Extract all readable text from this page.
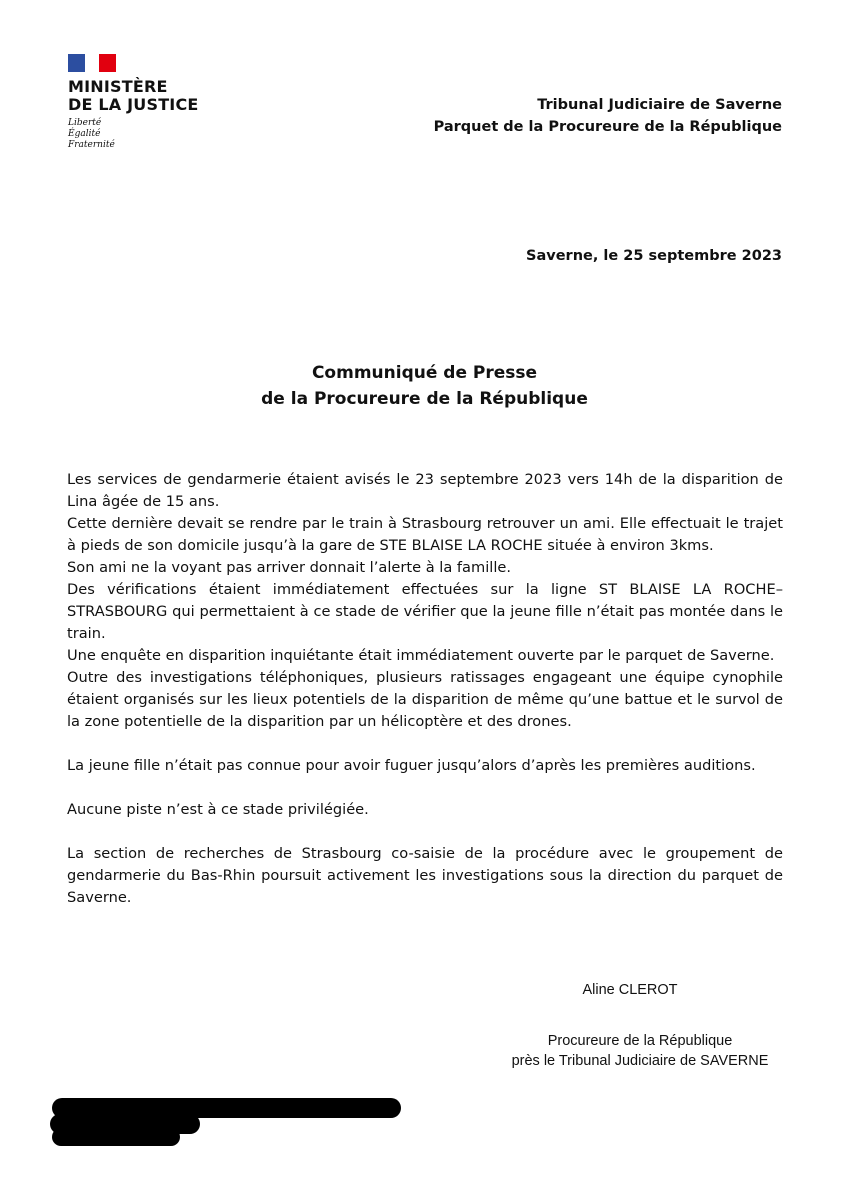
MINISTÈRE
DE LA JUSTICE
Liberté
Égalité
Fraternité
Tribunal Judiciaire de Saverne
Parquet de la Procureure de la République
Saverne, le 25 septembre 2023
Communiqué de Presse
de la Procureure de la République

Les services de gendarmerie étaient avisés le 23 septembre 2023 vers 14h de la disparition de Lina âgée de 15 ans.

Cette dernière devait se rendre par le train à Strasbourg retrouver un ami. Elle effectuait le trajet à pieds de son domicile jusqu’à la gare de STE BLAISE LA ROCHE située à environ 3kms.

Son ami ne la voyant pas arriver donnait l’alerte à la famille.

Des vérifications étaient immédiatement effectuées sur la ligne ST BLAISE LA ROCHE–STRASBOURG qui permettaient à ce stade de vérifier que la jeune fille n’était pas montée dans le train.

Une enquête en disparition inquiétante était immédiatement ouverte par le parquet de Saverne.

Outre des investigations téléphoniques, plusieurs ratissages engageant une équipe cynophile étaient organisés sur les lieux potentiels de la disparition de même qu’une battue et le survol de la zone potentielle de la disparition par un hélicoptère et des drones.

La jeune fille n’était pas connue pour avoir fuguer jusqu’alors d’après les premières auditions.

Aucune piste n’est à ce stade privilégiée.

La section de recherches de Strasbourg co-saisie de la procédure avec le groupement de gendarmerie du Bas-Rhin poursuit activement les investigations sous la direction du parquet de Saverne.

Aline CLEROT
Procureure de la République
près le Tribunal Judiciaire de SAVERNE
